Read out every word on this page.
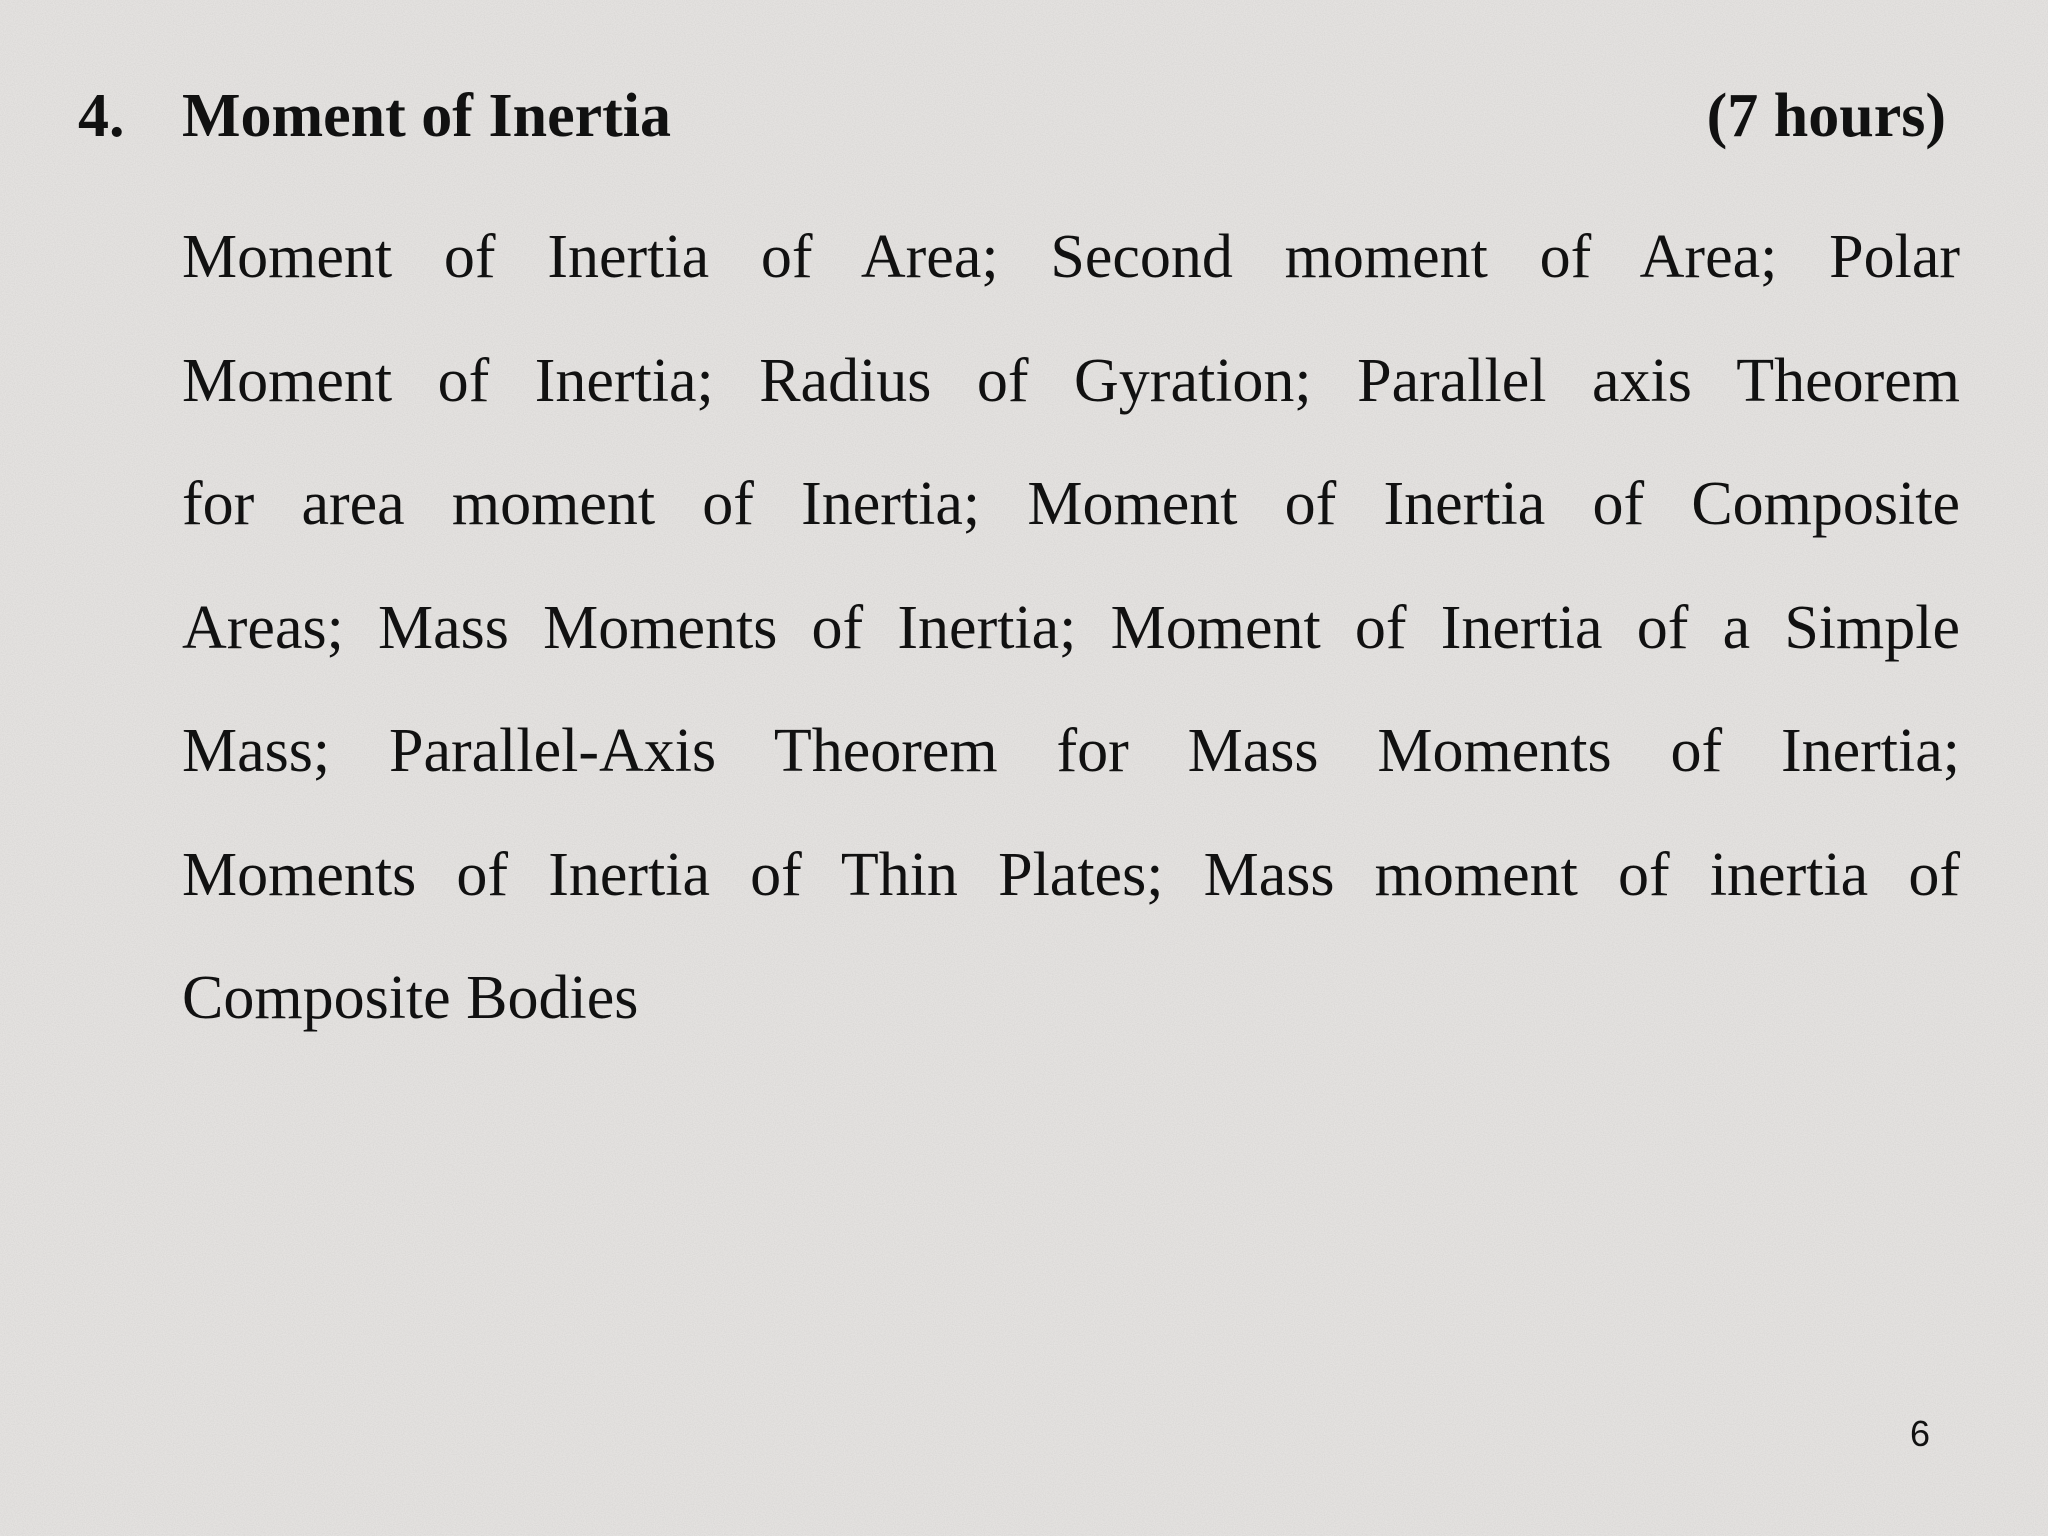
4. Moment of Inertia	(7 hours)
Moment of Inertia of Area; Second moment of Area; Polar
Moment of Inertia; Radius of Gyration; Parallel axis Theorem
for area moment of Inertia; Moment of Inertia of Composite
Areas; Mass Moments of Inertia; Moment of Inertia of a Simple
Mass; Parallel-Axis Theorem for Mass Moments of Inertia;
Moments of Inertia of Thin Plates; Mass moment of inertia of
Composite Bodies
6
